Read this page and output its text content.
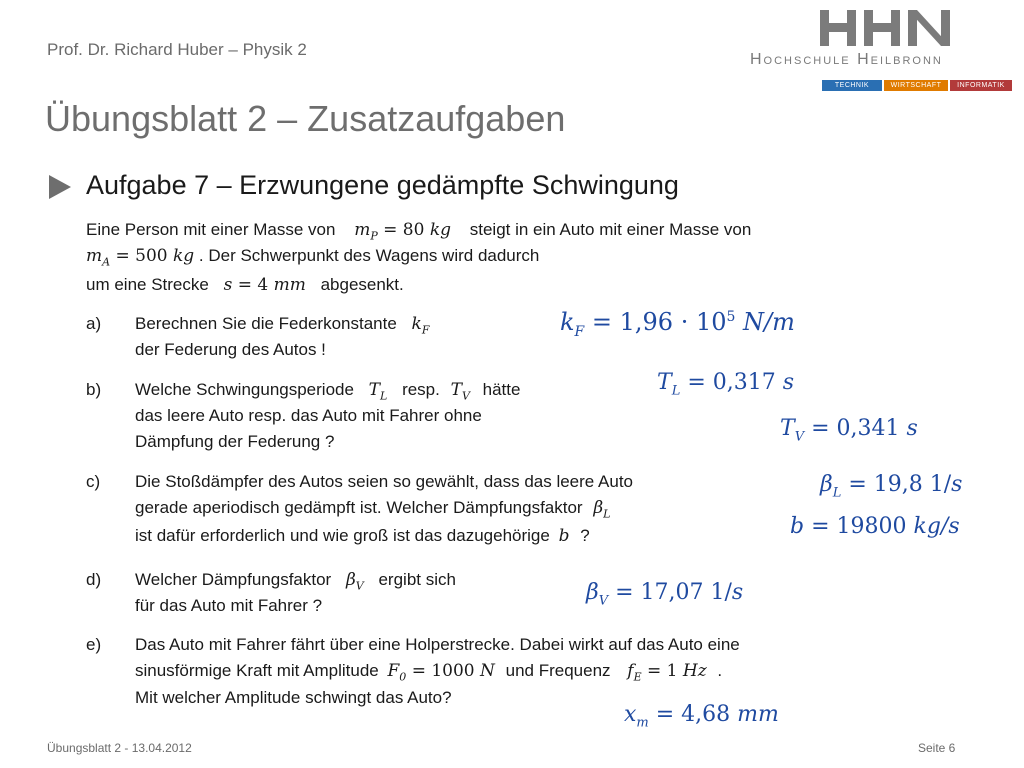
Prof. Dr. Richard Huber – Physik 2
Übungsblatt 2 – Zusatzaufgaben
Hochschule Heilbronn
TECHNIK	WIRTSCHAFT	INFORMATIK
Aufgabe 7 – Erzwungene gedämpfte Schwingung
Eine Person mit einer Masse von $m_P = 80$ kg steigt in ein Auto mit einer Masse von
$m_A = 500$ kg . Der Schwerpunkt des Wagens wird dadurch
um eine Strecke s = 4 mm abgesenkt.
a) Berechnen Sie die Federkonstante $k_F$
der Federung des Autos !
b) Welche Schwingungsperiode $T_L$ resp. $T_V$ hätte
das leere Auto resp. das Auto mit Fahrer ohne
Dämpfung der Federung ?
c) Die Stoßdämpfer des Autos seien so gewählt, dass das leere Auto
gerade aperiodisch gedämpft ist. Welcher Dämpfungsfaktor $\beta_L$
ist dafür erforderlich und wie groß ist das dazugehörige b ?
d) Welcher Dämpfungsfaktor $\beta_V$ ergibt sich
für das Auto mit Fahrer ?
e) Das Auto mit Fahrer fährt über eine Holperstrecke. Dabei wirkt auf das Auto eine
sinusförmige Kraft mit Amplitude $F_0 = 1000$ N und Frequenz $f_E = 1$ Hz .
Mit welcher Amplitude schwingt das Auto?
$k_F = 1,96 \cdot 10^5$ N/m
$T_L = 0,317$ s
$T_V = 0,341$ s
$\beta_L = 19,8$ 1/s
b = 19800 kg/s
$\beta_V = 17,07$ 1/s
$x_m = 4,68$ mm
Übungsblatt 2 - 13.04.2012	Seite 6
